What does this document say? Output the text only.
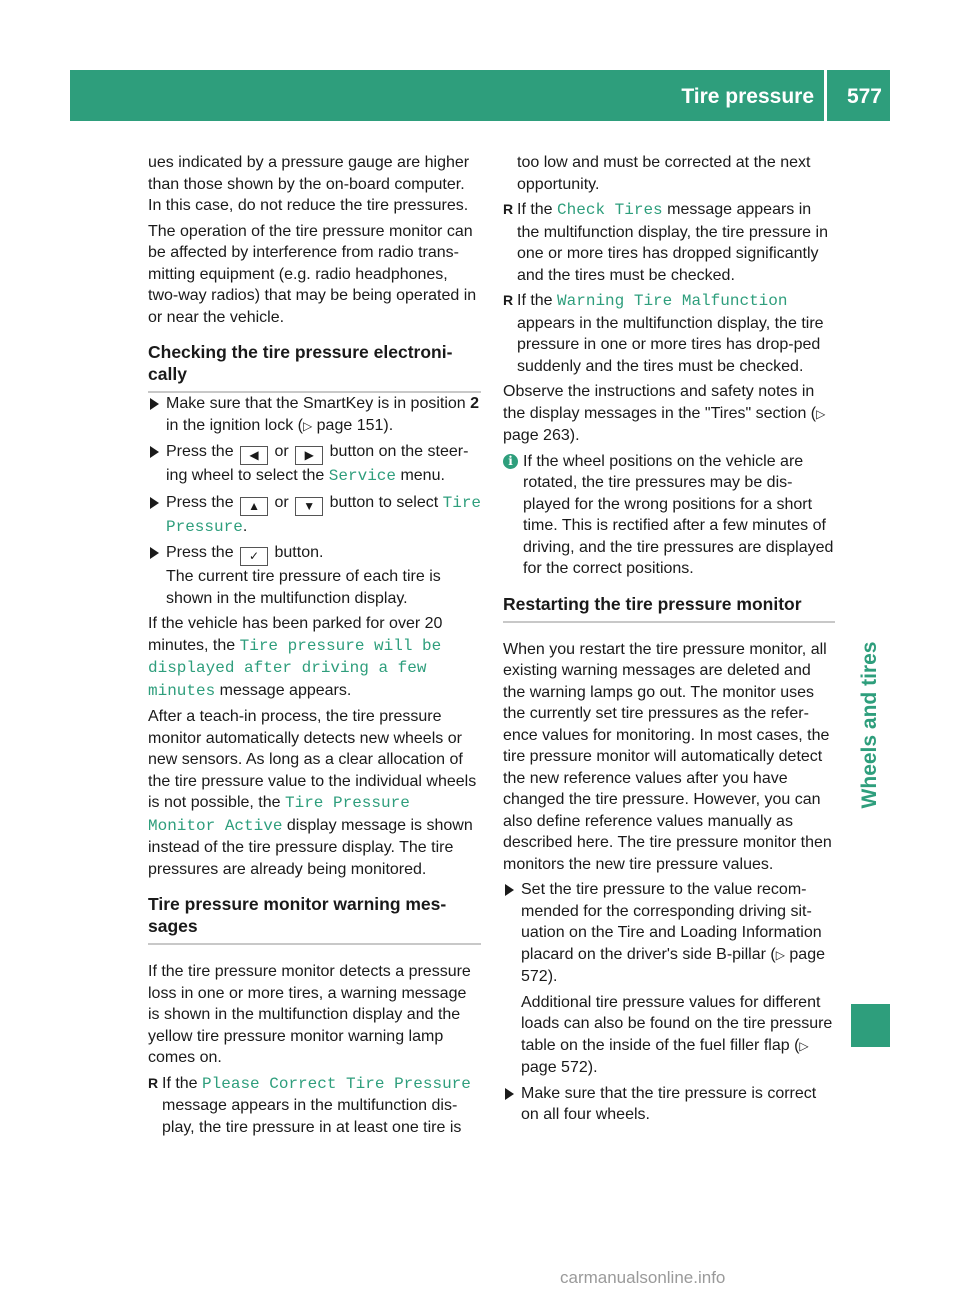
Tire pressure 577
Wheels and tires

ues indicated by a pressure gauge are higher than those shown by the on-board computer. In this case, do not reduce the tire pressures.

The operation of the tire pressure monitor can be affected by interference from radio trans-mitting equipment (e.g. radio headphones, two-way radios) that may be being operated in or near the vehicle.

Checking the tire pressure electroni-cally
Make sure that the SmartKey is in position 2 in the ignition lock (▷ page 151).
Press the ◀ or ▶ button on the steer-ing wheel to select the Service menu.
Press the ▲ or ▼ button to select Tire Pressure.
Press the ✓ button.
The current tire pressure of each tire is shown in the multifunction display.

If the vehicle has been parked for over 20 minutes, the Tire pressure will be displayed after driving a few minutes message appears.

After a teach-in process, the tire pressure monitor automatically detects new wheels or new sensors. As long as a clear allocation of the tire pressure value to the individual wheels is not possible, the Tire Pressure Monitor Active display message is shown instead of the tire pressure display. The tire pressures are already being monitored.

Tire pressure monitor warning mes-sages

If the tire pressure monitor detects a pressure loss in one or more tires, a warning message is shown in the multifunction display and the yellow tire pressure monitor warning lamp comes on.

R If the Please Correct Tire Pressure message appears in the multifunction dis-play, the tire pressure in at least one tire is

too low and must be corrected at the next opportunity.

R If the Check Tires message appears in the multifunction display, the tire pressure in one or more tires has dropped significantly and the tires must be checked.
R If the Warning Tire Malfunction appears in the multifunction display, the tire pressure in one or more tires has drop-ped suddenly and the tires must be checked.

Observe the instructions and safety notes in the display messages in the "Tires" section (▷ page 263).

i If the wheel positions on the vehicle are rotated, the tire pressures may be dis-played for the wrong positions for a short time. This is rectified after a few minutes of driving, and the tire pressures are displayed for the correct positions.
Restarting the tire pressure monitor

When you restart the tire pressure monitor, all existing warning messages are deleted and the warning lamps go out. The monitor uses the currently set tire pressures as the refer-ence values for monitoring. In most cases, the tire pressure monitor will automatically detect the new reference values after you have changed the tire pressure. However, you can also define reference values manually as described here. The tire pressure monitor then monitors the new tire pressure values.

Set the tire pressure to the value recom-mended for the corresponding driving sit-uation on the Tire and Loading Information placard on the driver's side B-pillar (▷ page 572).

Additional tire pressure values for different loads can also be found on the tire pressure table on the inside of the fuel filler flap (▷ page 572).

Make sure that the tire pressure is correct on all four wheels.
carmanualsonline.info
